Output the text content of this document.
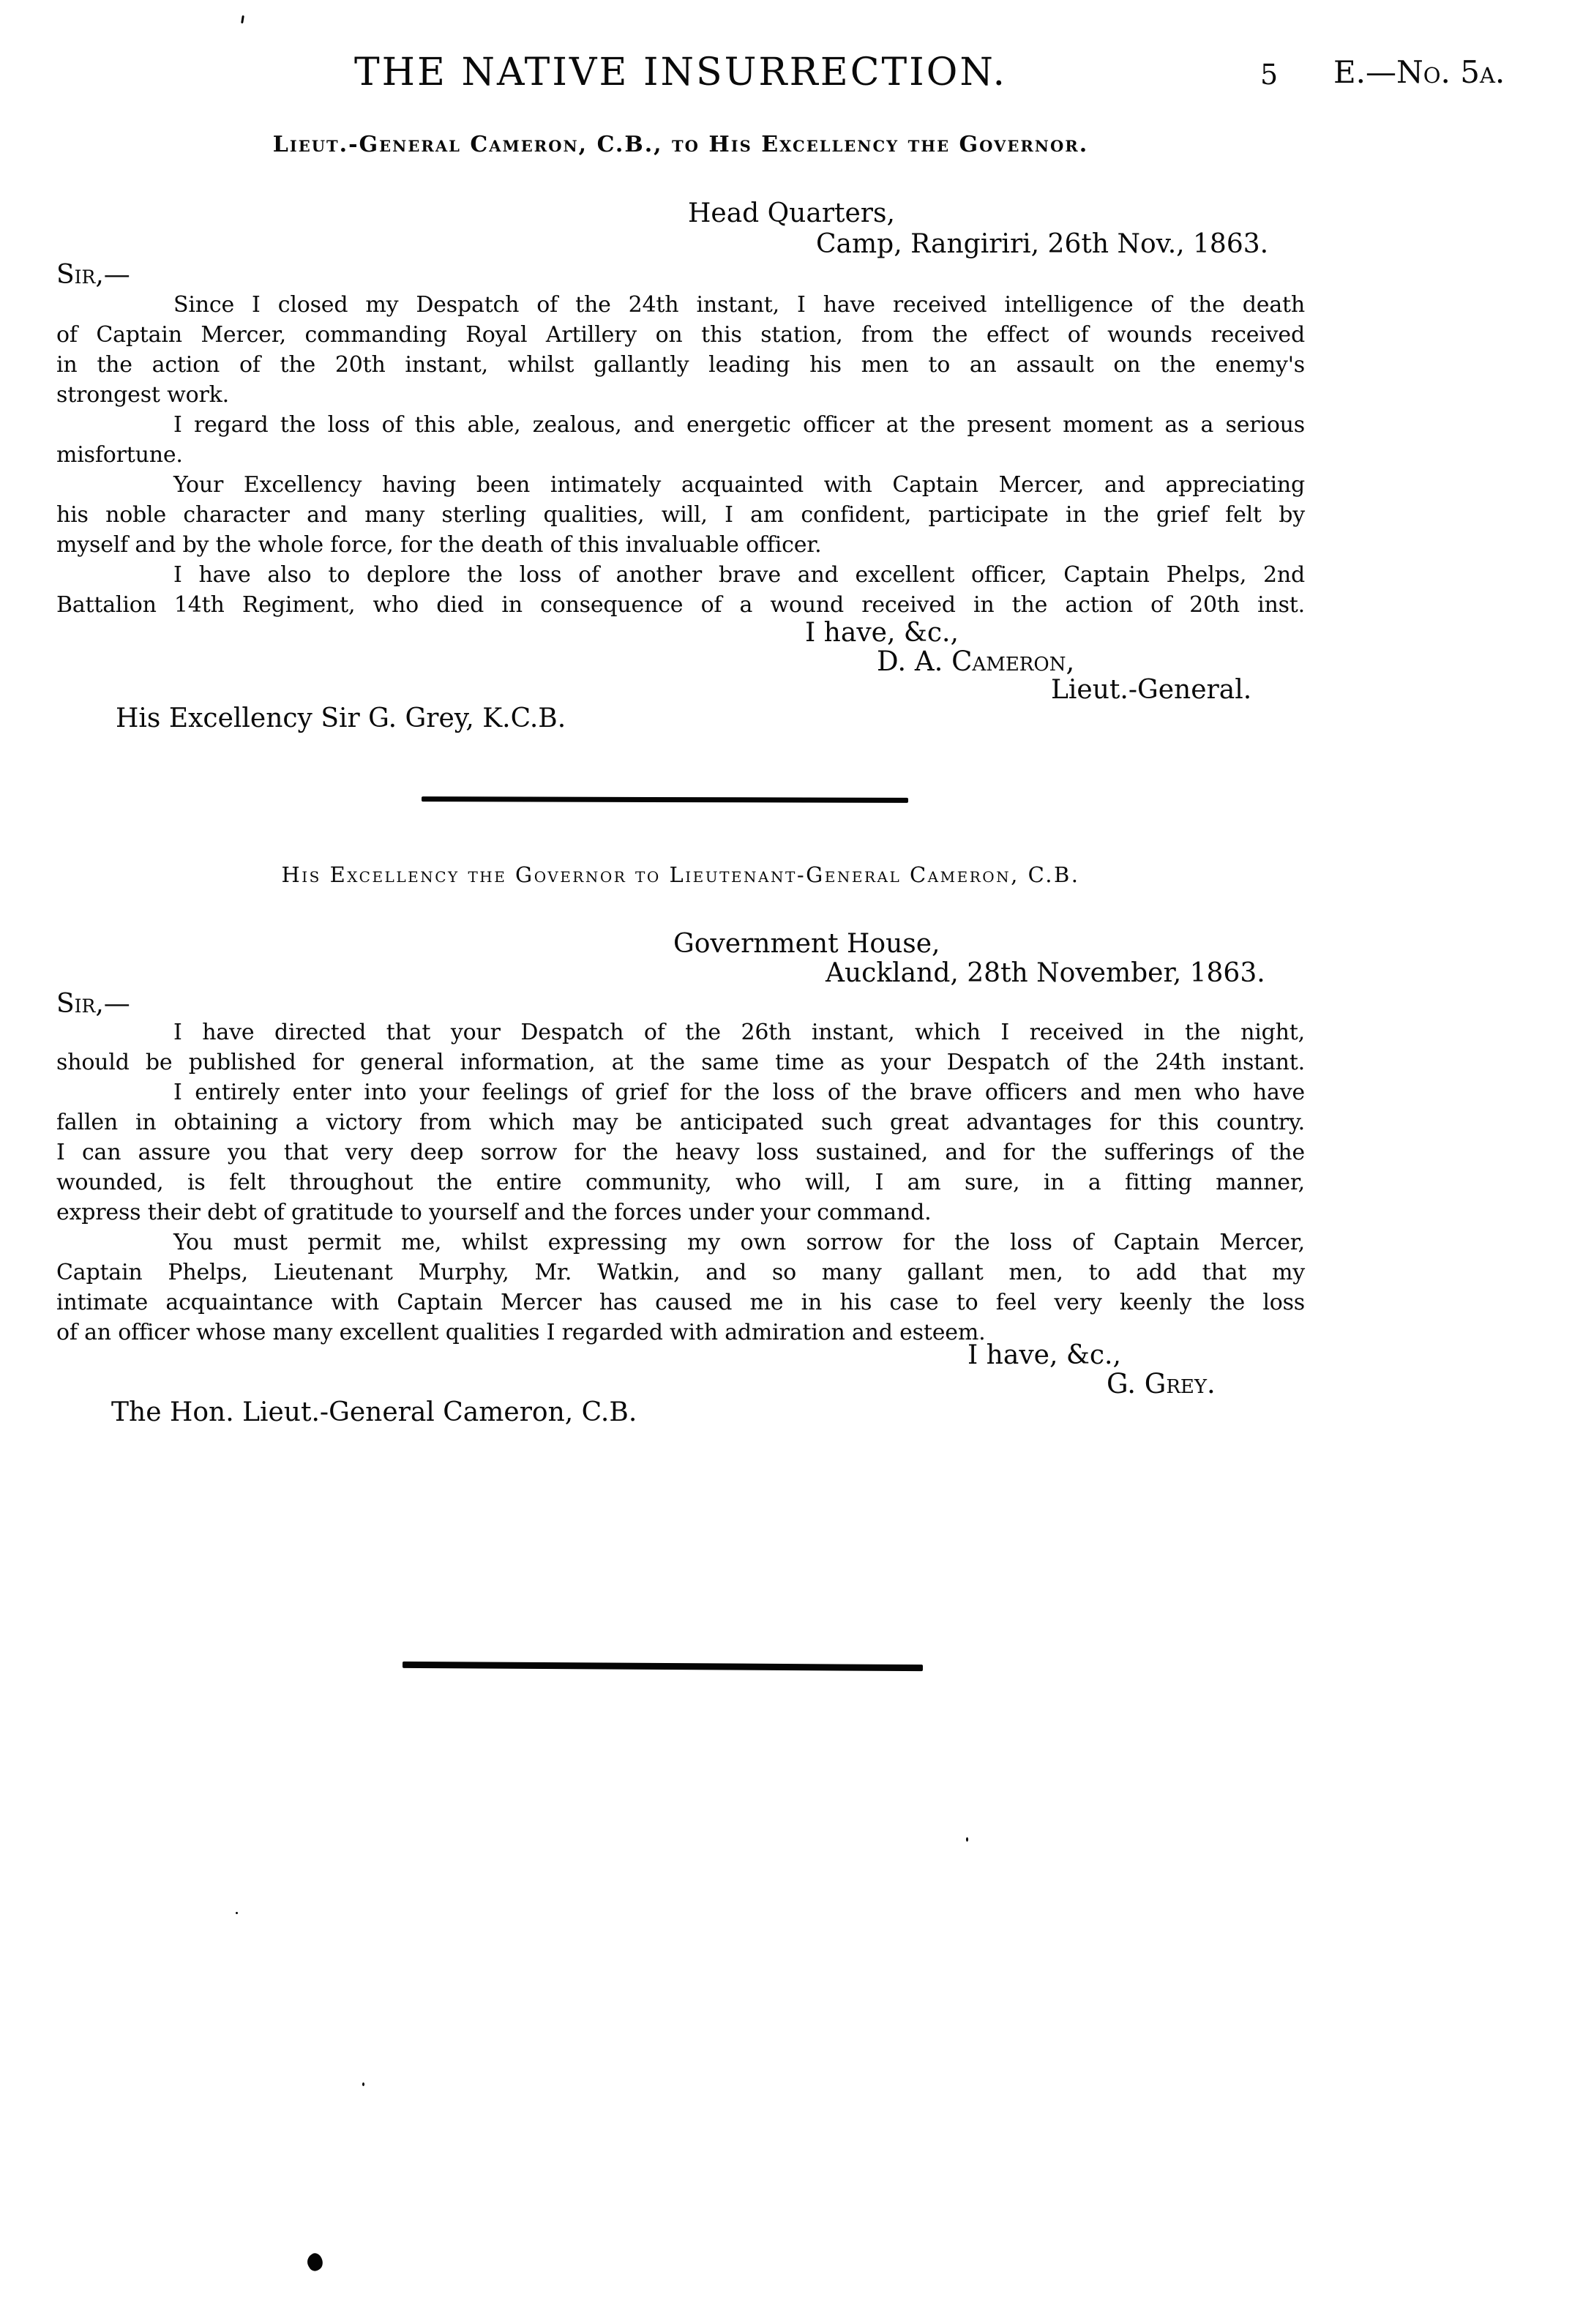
THE NATIVE INSURRECTION.	5 E.—No. 5a.
Lieut.-General Cameron, C.B., to His Excellency the Governor.
Head Quarters,
Camp, Rangiriri, 26th Nov., 1863.
Sir,—
Since I closed my Despatch of the 24th instant, I have received intelligence of the death
of Captain Mercer, commanding Royal Artillery on this station, from the effect of wounds received
in the action of the 20th instant, whilst gallantly leading his men to an assault on the enemy's
strongest work.
I regard the loss of this able, zealous, and energetic officer at the present moment as a serious
misfortune.
Your Excellency having been intimately acquainted with Captain Mercer, and appreciating
his noble character and many sterling qualities, will, I am confident, participate in the grief felt by
myself and by the whole force, for the death of this invaluable officer.
I have also to deplore the loss of another brave and excellent officer, Captain Phelps, 2nd
Battalion 14th Regiment, who died in consequence of a wound received in the action of 20th inst.
I have, &c.,
D. A. Cameron,
Lieut.-General.
His Excellency Sir G. Grey, K.C.B.
His Excellency the Governor to Lieutenant-General Cameron, C.B.
Government House,
Auckland, 28th November, 1863.
Sir,—
I have directed that your Despatch of the 26th instant, which I received in the night,
should be published for general information, at the same time as your Despatch of the 24th instant.
I entirely enter into your feelings of grief for the loss of the brave officers and men who have
fallen in obtaining a victory from which may be anticipated such great advantages for this country.
I can assure you that very deep sorrow for the heavy loss sustained, and for the sufferings of the
wounded, is felt throughout the entire community, who will, I am sure, in a fitting manner,
express their debt of gratitude to yourself and the forces under your command.
You must permit me, whilst expressing my own sorrow for the loss of Captain Mercer,
Captain Phelps, Lieutenant Murphy, Mr. Watkin, and so many gallant men, to add that my
intimate acquaintance with Captain Mercer has caused me in his case to feel very keenly the loss
of an officer whose many excellent qualities I regarded with admiration and esteem.
I have, &c.,
G. Grey.
The Hon. Lieut.-General Cameron, C.B.
